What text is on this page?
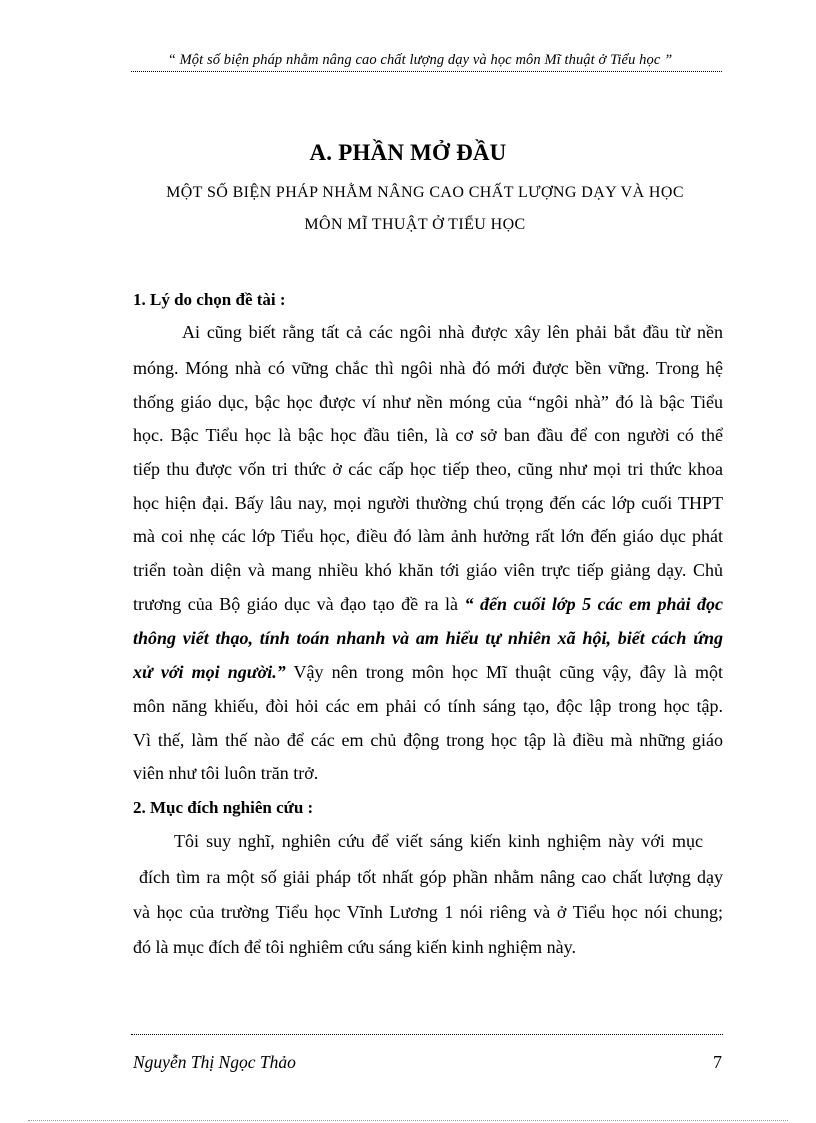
“ Một số biện pháp nhằm nâng cao chất lượng dạy và học môn Mĩ thuật ở Tiểu học ”
A. PHẦN MỞ ĐẦU
MỘT SỐ BIỆN PHÁP NHẰM NÂNG CAO CHẤT LƯỢNG DẠY VÀ HỌC
MÔN MĨ THUẬT Ở TIỂU HỌC
1. Lý do chọn đề tài :
Ai cũng biết rằng tất cả các ngôi nhà được xây lên phải bắt đầu từ nền
móng. Móng nhà có vững chắc thì ngôi nhà đó mới được bền vững. Trong hệ
thống giáo dục, bậc học được ví như nền móng của “ngôi nhà” đó là bậc Tiểu
học. Bậc Tiểu học là bậc học đầu tiên, là cơ sở ban đầu để con người có thể
tiếp thu được vốn tri thức ở các cấp học tiếp theo, cũng như mọi tri thức khoa
học hiện đại. Bấy lâu nay, mọi người thường chú trọng đến các lớp cuối THPT
mà coi nhẹ các lớp Tiểu học, điều đó làm ảnh hưởng rất lớn đến giáo dục phát
triển toàn diện và mang nhiều khó khăn tới giáo viên trực tiếp giảng dạy. Chủ
trương của Bộ giáo dục và đạo tạo đề ra là “ đến cuối lớp 5 các em phải đọc
thông viết thạo, tính toán nhanh và am hiểu tự nhiên xã hội, biết cách ứng
xử với mọi người.” Vậy nên trong môn học Mĩ thuật cũng vậy, đây là một
môn năng khiếu, đòi hỏi các em phải có tính sáng tạo, độc lập trong học tập.
Vì thế, làm thế nào để các em chủ động trong học tập là điều mà những giáo
viên như tôi luôn trăn trở.
2. Mục đích nghiên cứu :
Tôi suy nghĩ, nghiên cứu để viết sáng kiến kinh nghiệm này với mục
đích tìm ra một số giải pháp tốt nhất góp phần nhằm nâng cao chất lượng dạy
và học của trường Tiểu học Vĩnh Lương 1 nói riêng và ở Tiểu học nói chung;
đó là mục đích để tôi nghiêm cứu sáng kiến kinh nghiệm này.
Nguyễn Thị Ngọc Thảo	7
